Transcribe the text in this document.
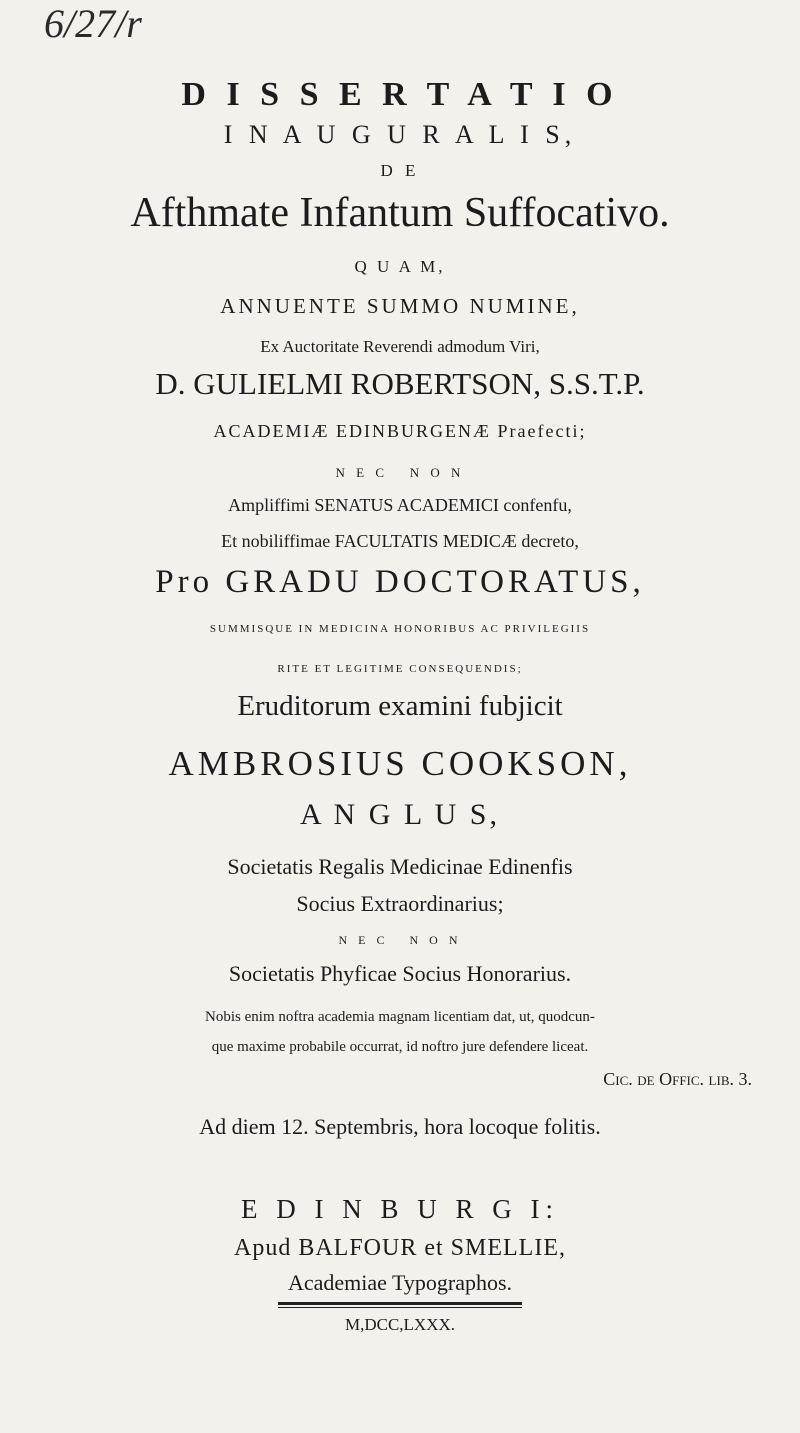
6/27/r
D I S S E R T A T I O
I N A U G U R A L I S,
D E
Afthmate Infantum Suffocativo.
Q U A M,
ANNUENTE SUMMO NUMINE,
Ex Auctoritate Reverendi admodum Viri,
D. GULIELMI ROBERTSON, S.S.T.P.
ACADEMIÆ EDINBURGENÆ Praefecti;
N E C   N O N
Ampliffimi SENATUS ACADEMICI confenfu,
Et nobiliffimae FACULTATIS MEDICÆ decreto,
Pro GRADU DOCTORATUS,
SUMMISQUE IN MEDICINA HONORIBUS AC PRIVILEGIIS
RITE ET LEGITIME CONSEQUENDIS;
Eruditorum examini fubjicit
AMBROSIUS COOKSON,
A N G L U S,
Societatis Regalis Medicinae Edinenfis
Socius Extraordinarius;
N E C   N O N
Societatis Phyficae Socius Honorarius.
Nobis enim noftra academia magnam licentiam dat, ut, quodcun-
que maxime probabile occurrat, id noftro jure defendere liceat.
Cic. de Offic. lib. 3.
Ad diem 12. Septembris, hora locoque folitis.
E D I N B U R G I:
Apud BALFOUR et SMELLIE,
Academiae Typographos.
M,DCC,LXXX.
